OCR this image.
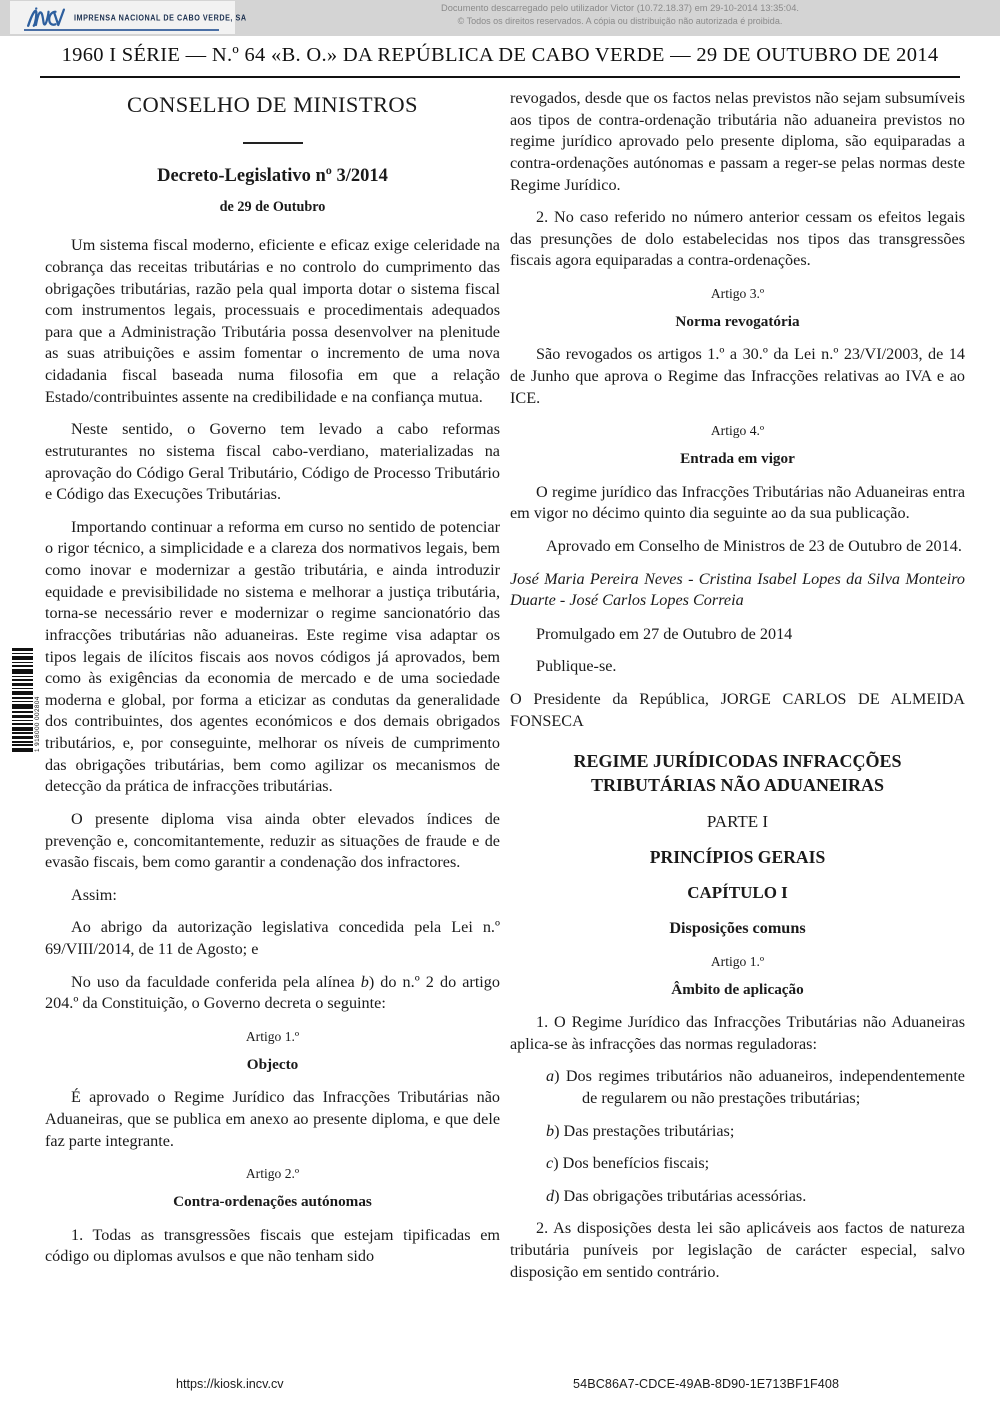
IMPRENSA NACIONAL DE CABO VERDE, SA
Documento descarregado pelo utilizador Victor (10.72.18.37) em 29-10-2014 13:35:04.
© Todos os direitos reservados. A cópia ou distribuição não autorizada é proibida.
1960 I SÉRIE — N.º 64 «B. O.» DA REPÚBLICA DE CABO VERDE — 29 DE OUTUBRO DE 2014
1 918000 002804
CONSELHO DE MINISTROS
Decreto-Legislativo nº 3/2014
de 29 de Outubro

Um sistema fiscal moderno, eficiente e eficaz exige celeridade na cobrança das receitas tributárias e no controlo do cumprimento das obrigações tributárias, razão pela qual importa dotar o sistema fiscal com instrumentos legais, processuais e procedimentais adequados para que a Administração Tributária possa desenvolver na plenitude as suas atribuições e assim fomentar o incremento de uma nova cidadania fiscal baseada numa filosofia em que a relação Estado/contribuintes assente na credibilidade e na confiança mutua.

Neste sentido, o Governo tem levado a cabo reformas estruturantes no sistema fiscal cabo-verdiano, materializadas na aprovação do Código Geral Tributário, Código de Processo Tributário e Código das Execuções Tributárias.

Importando continuar a reforma em curso no sentido de potenciar o rigor técnico, a simplicidade e a clareza dos normativos legais, bem como inovar e modernizar a gestão tributária, e ainda introduzir equidade e previsibilidade no sistema e melhorar a justiça tributária, torna-se necessário rever e modernizar o regime sancionatório das infracções tributárias não aduaneiras. Este regime visa adaptar os tipos legais de ilícitos fiscais aos novos códigos já aprovados, bem como às exigências da economia de mercado e de uma sociedade moderna e global, por forma a eticizar as condutas da generalidade dos contribuintes, dos agentes económicos e dos demais obrigados tributários, e, por conseguinte, melhorar os níveis de cumprimento das obrigações tributárias, bem como agilizar os mecanismos de detecção da prática de infracções tributárias.

O presente diploma visa ainda obter elevados índices de prevenção e, concomitantemente, reduzir as situações de fraude e de evasão fiscais, bem como garantir a condenação dos infractores.

Assim:

Ao abrigo da autorização legislativa concedida pela Lei n.º 69/VIII/2014, de 11 de Agosto; e

No uso da faculdade conferida pela alínea b) do n.º 2 do artigo 204.º da Constituição, o Governo decreta o seguinte:

Artigo 1.º
Objecto

É aprovado o Regime Jurídico das Infracções Tributárias não Aduaneiras, que se publica em anexo ao presente diploma, e que dele faz parte integrante.

Artigo 2.º
Contra-ordenações autónomas

1. Todas as transgressões fiscais que estejam tipificadas em código ou diplomas avulsos e que não tenham sido

revogados, desde que os factos nelas previstos não sejam subsumíveis aos tipos de contra-ordenação tributária não aduaneira previstos no regime jurídico aprovado pelo presente diploma, são equiparadas a contra-ordenações autónomas e passam a reger-se pelas normas deste Regime Jurídico.

2. No caso referido no número anterior cessam os efeitos legais das presunções de dolo estabelecidas nos tipos das transgressões fiscais agora equiparadas a contra-ordenações.

Artigo 3.º
Norma revogatória

São revogados os artigos 1.º a 30.º da Lei n.º 23/VI/2003, de 14 de Junho que aprova o Regime das Infracções relativas ao IVA e ao ICE.

Artigo 4.º
Entrada em vigor

O regime jurídico das Infracções Tributárias não Aduaneiras entra em vigor no décimo quinto dia seguinte ao da sua publicação.

Aprovado em Conselho de Ministros de 23 de Outubro de 2014.

José Maria Pereira Neves - Cristina Isabel Lopes da Silva Monteiro Duarte - José Carlos Lopes Correia

Promulgado em 27 de Outubro de 2014

Publique-se.

O Presidente da República, JORGE CARLOS DE ALMEIDA FONSECA

REGIME JURÍDICODAS INFRACÇÕES TRIBUTÁRIAS NÃO ADUANEIRAS
PARTE I
PRINCÍPIOS GERAIS
CAPÍTULO I
Disposições comuns
Artigo 1.º
Âmbito de aplicação

1. O Regime Jurídico das Infracções Tributárias não Aduaneiras aplica-se às infracções das normas reguladoras:

a) Dos regimes tributários não aduaneiros, independentemente de regularem ou não prestações tributárias;

b) Das prestações tributárias;

c) Dos benefícios fiscais;

d) Das obrigações tributárias acessórias.

2. As disposições desta lei são aplicáveis aos factos de natureza tributária puníveis por legislação de carácter especial, salvo disposição em sentido contrário.

https://kiosk.incv.cv	54BC86A7-CDCE-49AB-8D90-1E713BF1F408
